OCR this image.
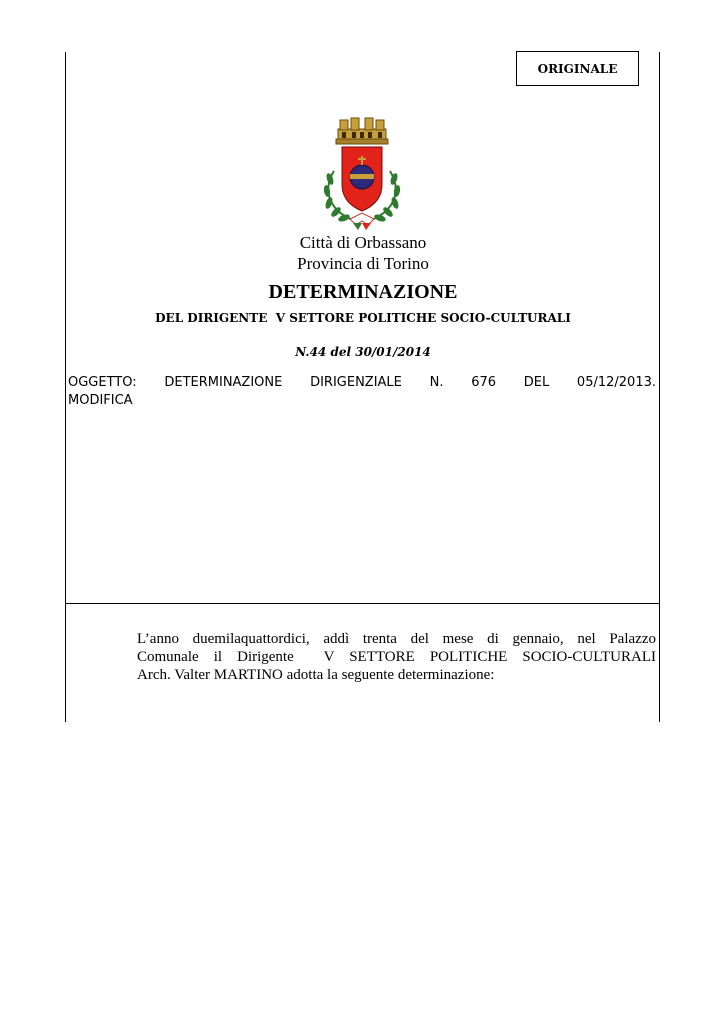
ORIGINALE
Città di Orbassano
Provincia di Torino
DETERMINAZIONE
DEL DIRIGENTE  V SETTORE POLITICHE SOCIO-CULTURALI
N.44 del 30/01/2014
OGGETTO: DETERMINAZIONE DIRIGENZIALE N. 676 DEL 05/12/2013.
MODIFICA
L’anno duemilaquattordici, addì trenta del mese di gennaio, nel Palazzo
Comunale il Dirigente  V SETTORE POLITICHE SOCIO-CULTURALI
Arch. Valter MARTINO adotta la seguente determinazione:
